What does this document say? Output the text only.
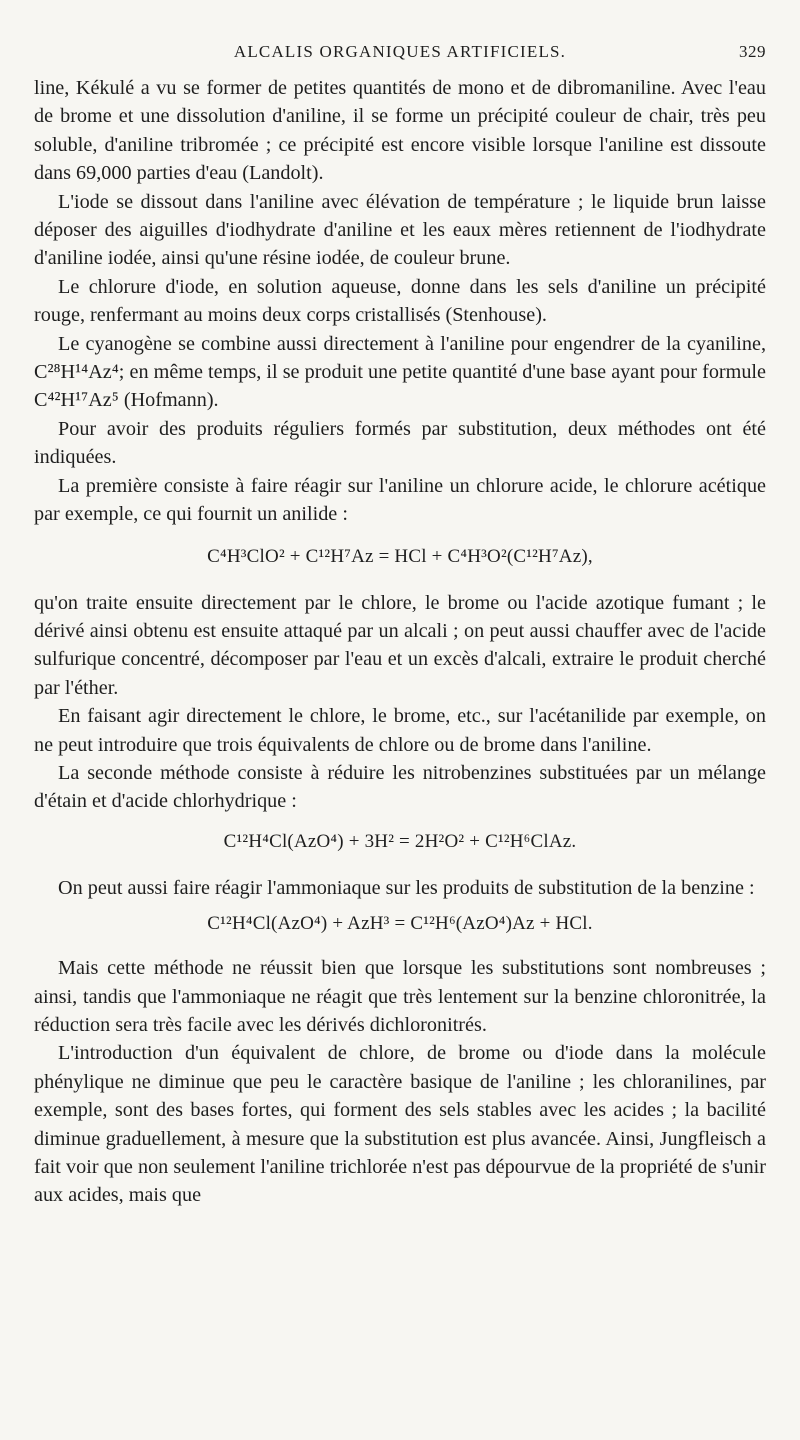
ALCALIS ORGANIQUES ARTIFICIELS.	329

line, Kékulé a vu se former de petites quantités de mono et de dibromaniline. Avec l'eau de brome et une dissolution d'aniline, il se forme un précipité couleur de chair, très peu soluble, d'aniline tribromée ; ce précipité est encore visible lorsque l'aniline est dissoute dans 69,000 parties d'eau (Landolt).

L'iode se dissout dans l'aniline avec élévation de température ; le liquide brun laisse déposer des aiguilles d'iodhydrate d'aniline et les eaux mères retiennent de l'iodhydrate d'aniline iodée, ainsi qu'une résine iodée, de couleur brune.

Le chlorure d'iode, en solution aqueuse, donne dans les sels d'aniline un précipité rouge, renfermant au moins deux corps cristallisés (Stenhouse).

Le cyanogène se combine aussi directement à l'aniline pour engendrer de la cyaniline, C²⁸H¹⁴Az⁴; en même temps, il se produit une petite quantité d'une base ayant pour formule C⁴²H¹⁷Az⁵ (Hofmann).

Pour avoir des produits réguliers formés par substitution, deux méthodes ont été indiquées.

La première consiste à faire réagir sur l'aniline un chlorure acide, le chlorure acétique par exemple, ce qui fournit un anilide :

C⁴H³ClO² + C¹²H⁷Az = HCl + C⁴H³O²(C¹²H⁷Az),

qu'on traite ensuite directement par le chlore, le brome ou l'acide azotique fumant ; le dérivé ainsi obtenu est ensuite attaqué par un alcali ; on peut aussi chauffer avec de l'acide sulfurique concentré, décomposer par l'eau et un excès d'alcali, extraire le produit cherché par l'éther.

En faisant agir directement le chlore, le brome, etc., sur l'acétanilide par exemple, on ne peut introduire que trois équivalents de chlore ou de brome dans l'aniline.

La seconde méthode consiste à réduire les nitrobenzines substituées par un mélange d'étain et d'acide chlorhydrique :

C¹²H⁴Cl(AzO⁴) + 3H² = 2H²O² + C¹²H⁶ClAz.

On peut aussi faire réagir l'ammoniaque sur les produits de substitution de la benzine :

C¹²H⁴Cl(AzO⁴) + AzH³ = C¹²H⁶(AzO⁴)Az + HCl.

Mais cette méthode ne réussit bien que lorsque les substitutions sont nombreuses ; ainsi, tandis que l'ammoniaque ne réagit que très lentement sur la benzine chloronitrée, la réduction sera très facile avec les dérivés dichloronitrés.

L'introduction d'un équivalent de chlore, de brome ou d'iode dans la molécule phénylique ne diminue que peu le caractère basique de l'aniline ; les chloranilines, par exemple, sont des bases fortes, qui forment des sels stables avec les acides ; la bacilité diminue graduellement, à mesure que la substitution est plus avancée. Ainsi, Jungfleisch a fait voir que non seulement l'aniline trichlorée n'est pas dépourvue de la propriété de s'unir aux acides, mais que
